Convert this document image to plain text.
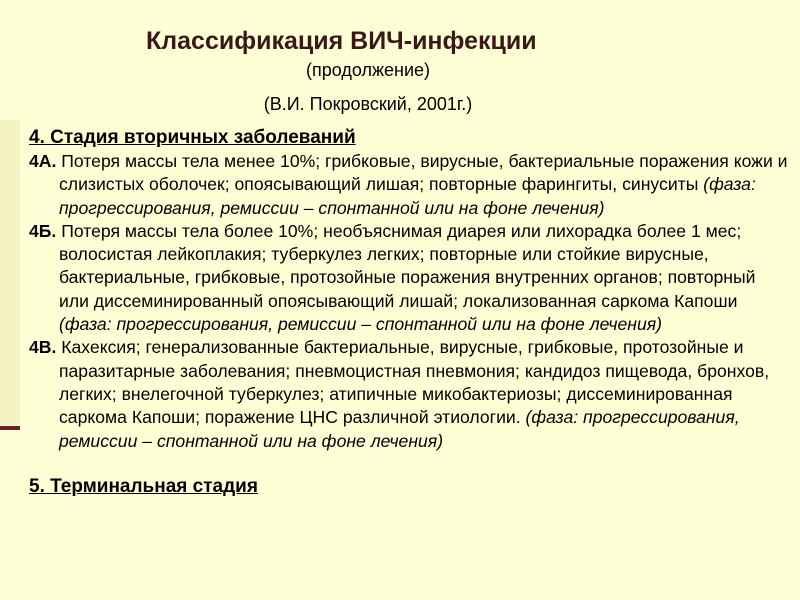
Классификация ВИЧ-инфекции
(продолжение)
(В.И. Покровский, 2001г.)

4. Стадия вторичных заболеваний

4А. Потеря массы тела менее 10%; грибковые, вирусные, бактериальные поражения кожи и слизистых оболочек; опоясывающий лишая; повторные фарингиты, синуситы (фаза: прогрессирования, ремиссии – спонтанной или на фоне лечения)

4Б. Потеря массы тела более 10%; необъяснимая диарея или лихорадка более 1 мес; волосистая лейкоплакия; туберкулез легких; повторные или стойкие вирусные, бактериальные, грибковые, протозойные поражения внутренних органов; повторный или диссеминированный опоясывающий лишай; локализованная саркома Капоши (фаза: прогрессирования, ремиссии – спонтанной или на фоне лечения)

4В. Кахексия; генерализованные бактериальные, вирусные, грибковые, протозойные и паразитарные заболевания; пневмоцистная пневмония; кандидоз пищевода, бронхов, легких; внелегочной туберкулез; атипичные микобактериозы; диссеминированная саркома Капоши; поражение ЦНС различной этиологии. (фаза: прогрессирования, ремиссии – спонтанной или на фоне лечения)

5. Терминальная стадия
